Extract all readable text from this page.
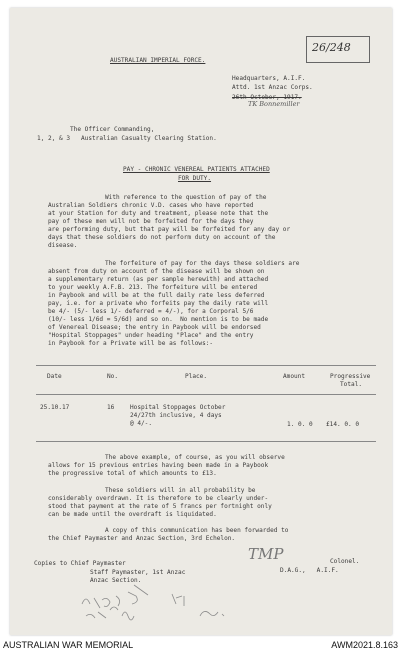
26/248

AUSTRALIAN IMPERIAL FORCE.

Headquarters, A.I.F.

Attd. 1st Anzac Corps.

26th October, 1917.

TK Bonnemiller

The Officer Commanding,

1, 2, & 3 Australian Casualty Clearing Station.

PAY - CHRONIC VENEREAL PATIENTS ATTACHED

FOR DUTY.

With reference to the question of pay of the

Australian Soldiers chronic V.D. cases who have reported

at your Station for duty and treatment, please note that the

pay of these men will not be forfeited for the days they

are performing duty, but that pay will be forfeited for any day or

days that these soldiers do not perform duty on account of the

disease.

The forfeiture of pay for the days these soldiers are

absent from duty on account of the disease will be shown on

a supplementary return (as per sample herewith) and attached

to your weekly A.F.B. 213. The forfeiture will be entered

in Paybook and will be at the full daily rate less deferred

pay, i.e. for a private who forfeits pay the daily rate will

be 4/- (5/- less 1/- deferred = 4/-), for a Corporal 5/6

(10/- less 1/6d = 5/6d) and so on.  No mention is to be made

of Venereal Disease; the entry in Paybook will be endorsed

"Hospital Stoppages" under heading "Place" and the entry

in Paybook for a Private will be as follows:-

Date	No.	Place.	Amount	Progressive

Total.

25.10.17	16	Hospital Stoppages October

24/27th inclusive, 4 days

@ 4/-.	1. 0. 0 £14. 0. 0

The above example, of course, as you will observe

allows for 15 previous entries having been made in a Paybook

the progressive total of which amounts to £13.

These soldiers will in all probability be

considerably overdrawn. It is therefore to be clearly under-

stood that payment at the rate of 5 francs per fortnight only

can be made until the overdraft is liquidated.

A copy of this communication has been forwarded to

the Chief Paymaster and Anzac Section, 3rd Echelon.

TMP	Colonel.

D.A.G.,   A.I.F.

Copies to Chief Paymaster

Staff Paymaster, 1st Anzac

Anzac Section.

AUSTRALIAN WAR MEMORIAL	AWM2021.8.163
